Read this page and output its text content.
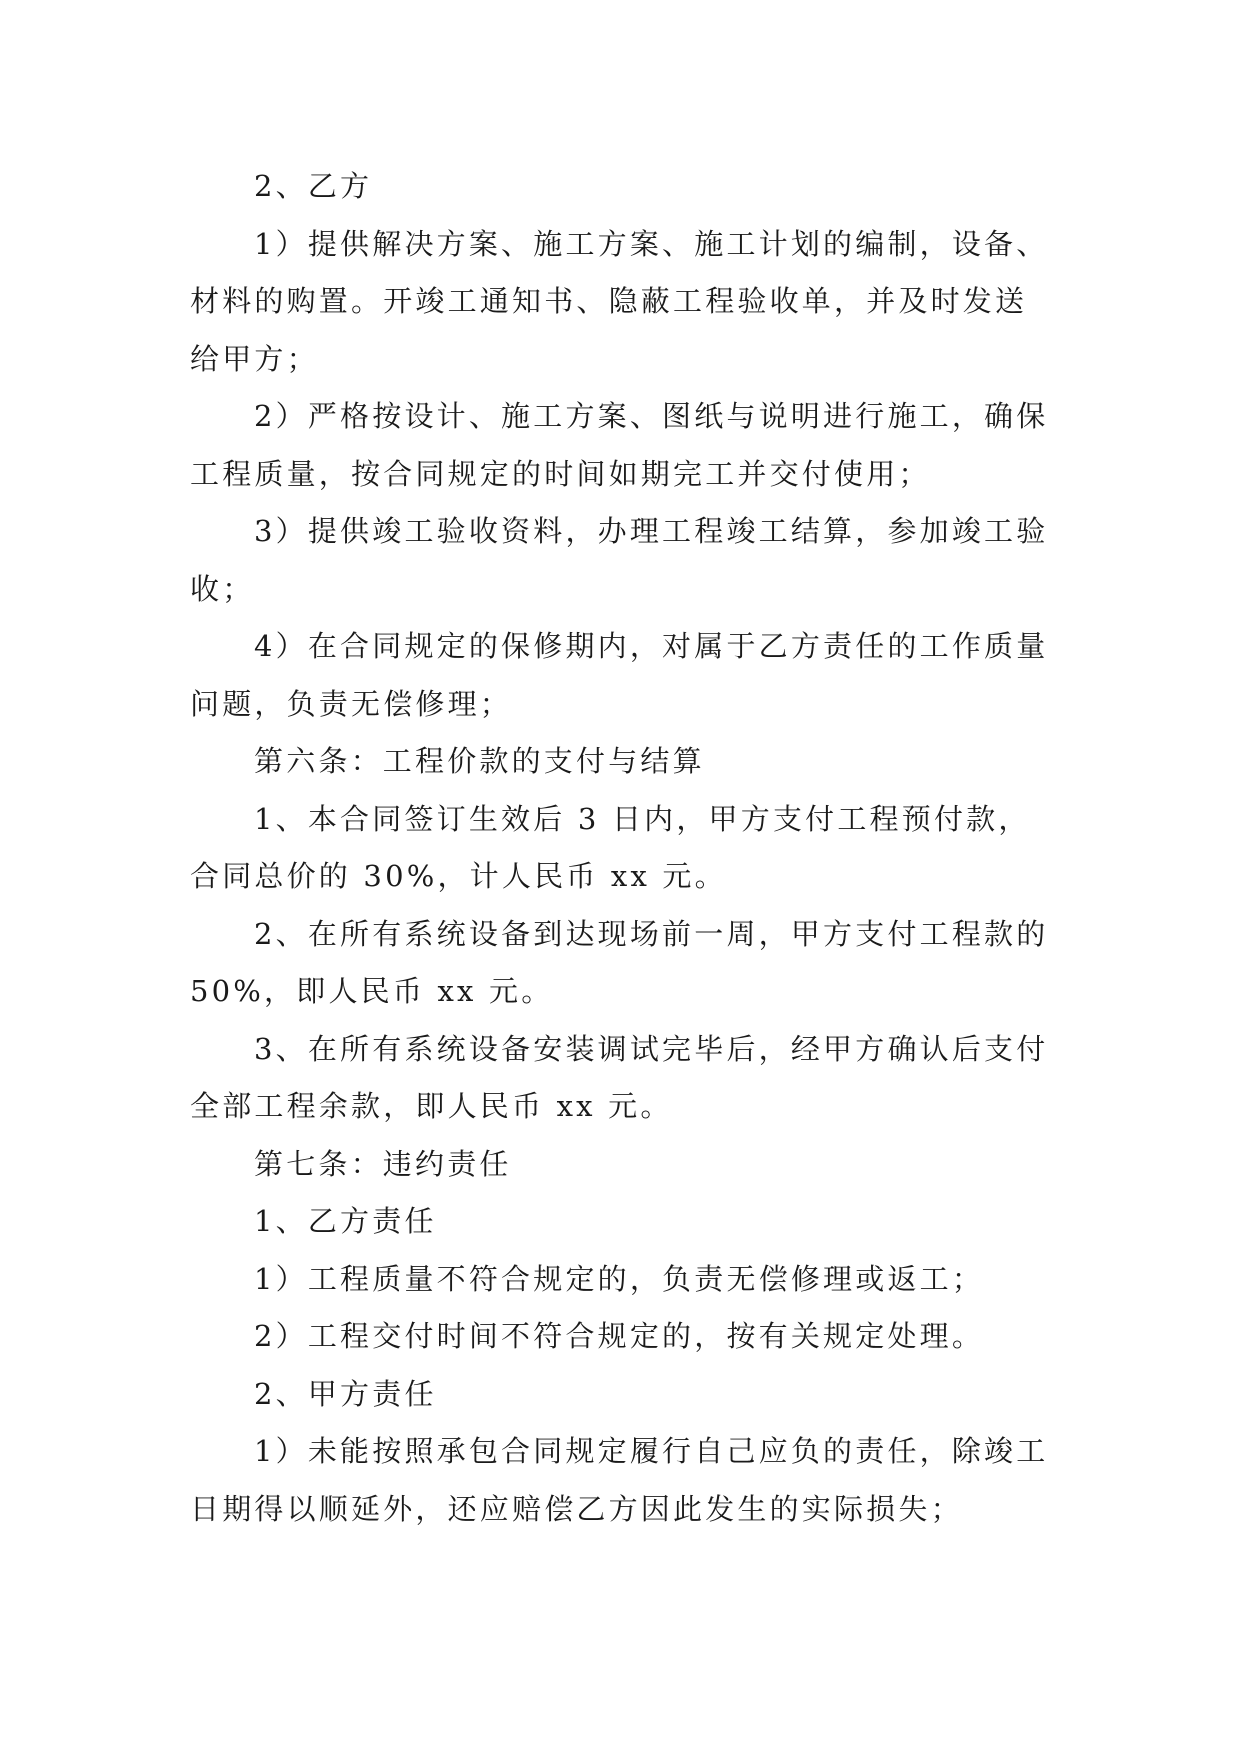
2、乙方

1）提供解决方案、施工方案、施工计划的编制，设备、材料的购置。开竣工通知书、隐蔽工程验收单，并及时发送给甲方；

2）严格按设计、施工方案、图纸与说明进行施工，确保工程质量，按合同规定的时间如期完工并交付使用；

3）提供竣工验收资料，办理工程竣工结算，参加竣工验收；

4）在合同规定的保修期内，对属于乙方责任的工作质量问题，负责无偿修理；

第六条：工程价款的支付与结算

1、本合同签订生效后 3 日内，甲方支付工程预付款，合同总价的 30%，计人民币 xx 元。

2、在所有系统设备到达现场前一周，甲方支付工程款的 50%，即人民币 xx 元。

3、在所有系统设备安装调试完毕后，经甲方确认后支付全部工程余款，即人民币 xx 元。

第七条：违约责任

1、乙方责任

1）工程质量不符合规定的，负责无偿修理或返工；

2）工程交付时间不符合规定的，按有关规定处理。

2、甲方责任

1）未能按照承包合同规定履行自己应负的责任，除竣工日期得以顺延外，还应赔偿乙方因此发生的实际损失；
